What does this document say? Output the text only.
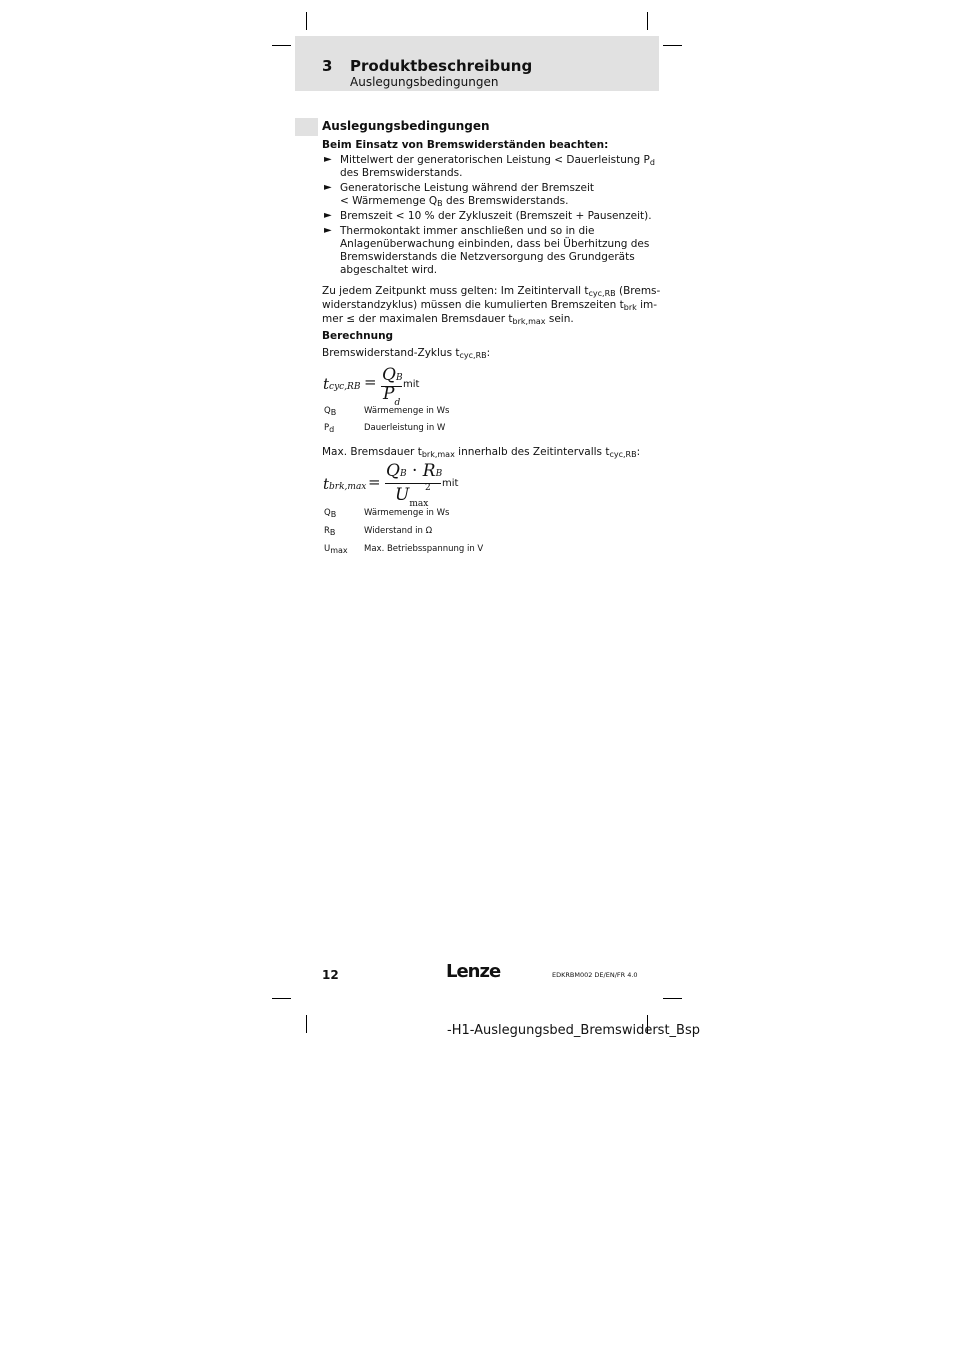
3 Produktbeschreibung
Auslegungsbedingungen
Auslegungsbedingungen
Beim Einsatz von Bremswiderständen beachten:
► Mittelwert der generatorischen Leistung < Dauerleistung $P_d$
des Bremswiderstands.
► Generatorische Leistung während der Bremszeit
< Wärmemenge $Q_B$ des Bremswiderstands.
► Bremszeit < 10 % der Zykluszeit (Bremszeit + Pausenzeit).
► Thermokontakt immer anschließen und so in die
Anlagenüberwachung einbinden, dass bei Überhitzung des
Bremswiderstands die Netzversorgung des Grundgeräts
abgeschaltet wird.
Zu jedem Zeitpunkt muss gelten: Im Zeitintervall $t_{cyc,RB}$ (Brems-
widerstandzyklus) müssen die kumulierten Bremszeiten $t_{brk}$ im-
mer ≤ der maximalen Bremsdauer $t_{brk,max}$ sein.
Berechnung
Bremswiderstand-Zyklus $t_{cyc,RB}$:
tcyc,RB = QB
$P_d$
mit
$Q_B$	Wärmemenge in Ws
$P_d$	Dauerleistung in W
Max. Bremsdauer $t_{brk,max}$ innerhalb des Zeitintervalls $t_{cyc,RB}$:
tbrk,max =
QB · RB
$U_{max}$
2 mit
$Q_B$	Wärmemenge in Ws
$R_B$	Widerstand in Ω
$U_{max}$ Max. Betriebsspannung in V
12	Lenze	EDKRBM002 DE/EN/FR 4.0
-H1-Auslegungsbed_Bremswiderst_Bsp
